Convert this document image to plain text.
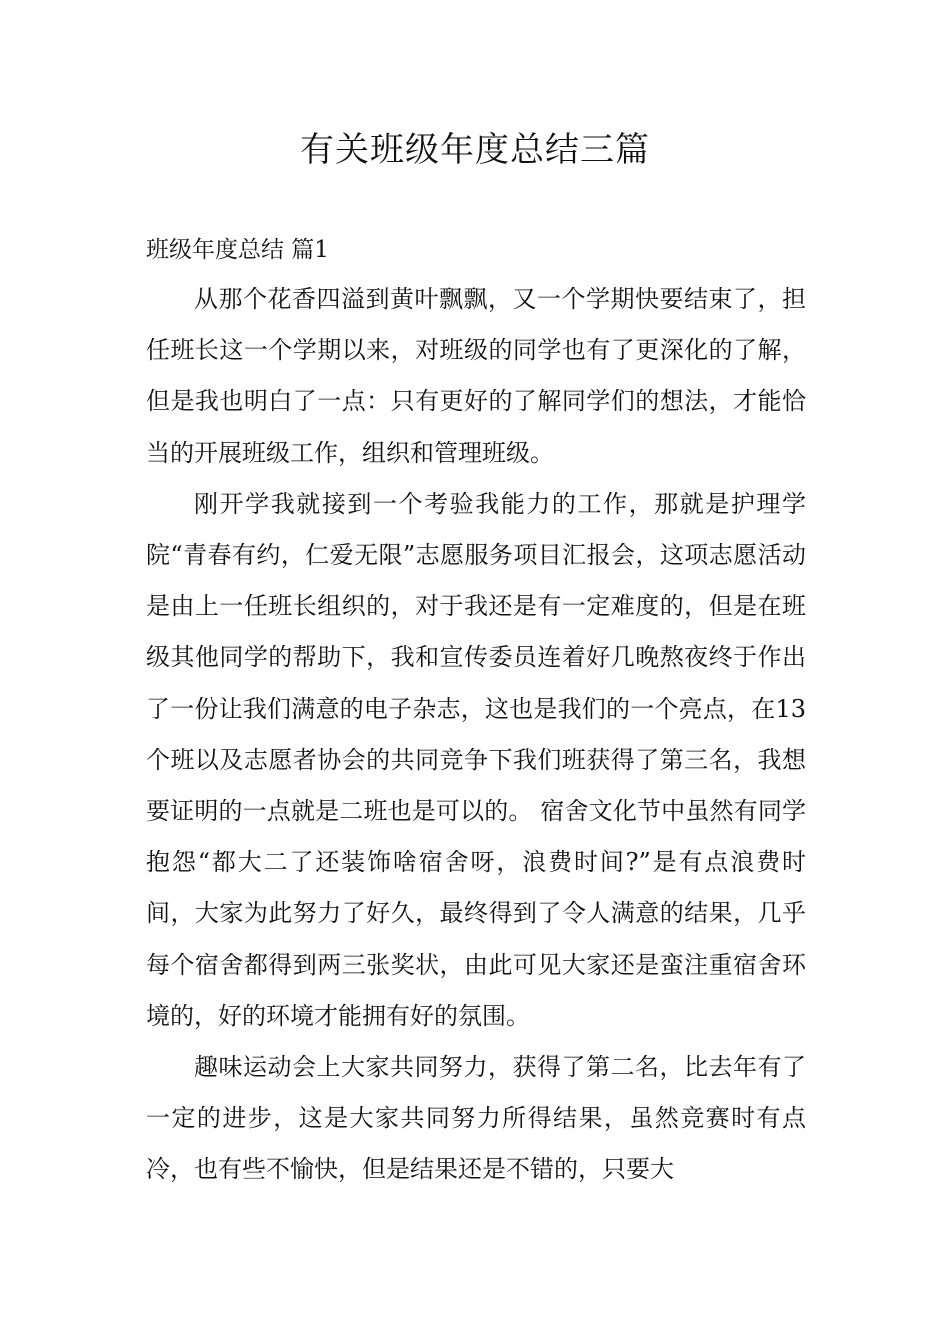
有关班级年度总结三篇
班级年度总结 篇1

从那个花香四溢到黄叶飘飘，又一个学期快要结束了，担任班长这一个学期以来，对班级的同学也有了更深化的了解，但是我也明白了一点：只有更好的了解同学们的想法，才能恰当的开展班级工作，组织和管理班级。

刚开学我就接到一个考验我能力的工作，那就是护理学院“青春有约，仁爱无限”志愿服务项目汇报会，这项志愿活动是由上一任班长组织的，对于我还是有一定难度的，但是在班级其他同学的帮助下，我和宣传委员连着好几晚熬夜终于作出了一份让我们满意的电子杂志，这也是我们的一个亮点，在13个班以及志愿者协会的共同竞争下我们班获得了第三名，我想要证明的一点就是二班也是可以的。 宿舍文化节中虽然有同学抱怨“都大二了还装饰啥宿舍呀，浪费时间?”是有点浪费时间，大家为此努力了好久，最终得到了令人满意的结果，几乎每个宿舍都得到两三张奖状，由此可见大家还是蛮注重宿舍环境的，好的环境才能拥有好的氛围。

趣味运动会上大家共同努力，获得了第二名，比去年有了一定的进步，这是大家共同努力所得结果，虽然竞赛时有点冷，也有些不愉快，但是结果还是不错的，只要大
